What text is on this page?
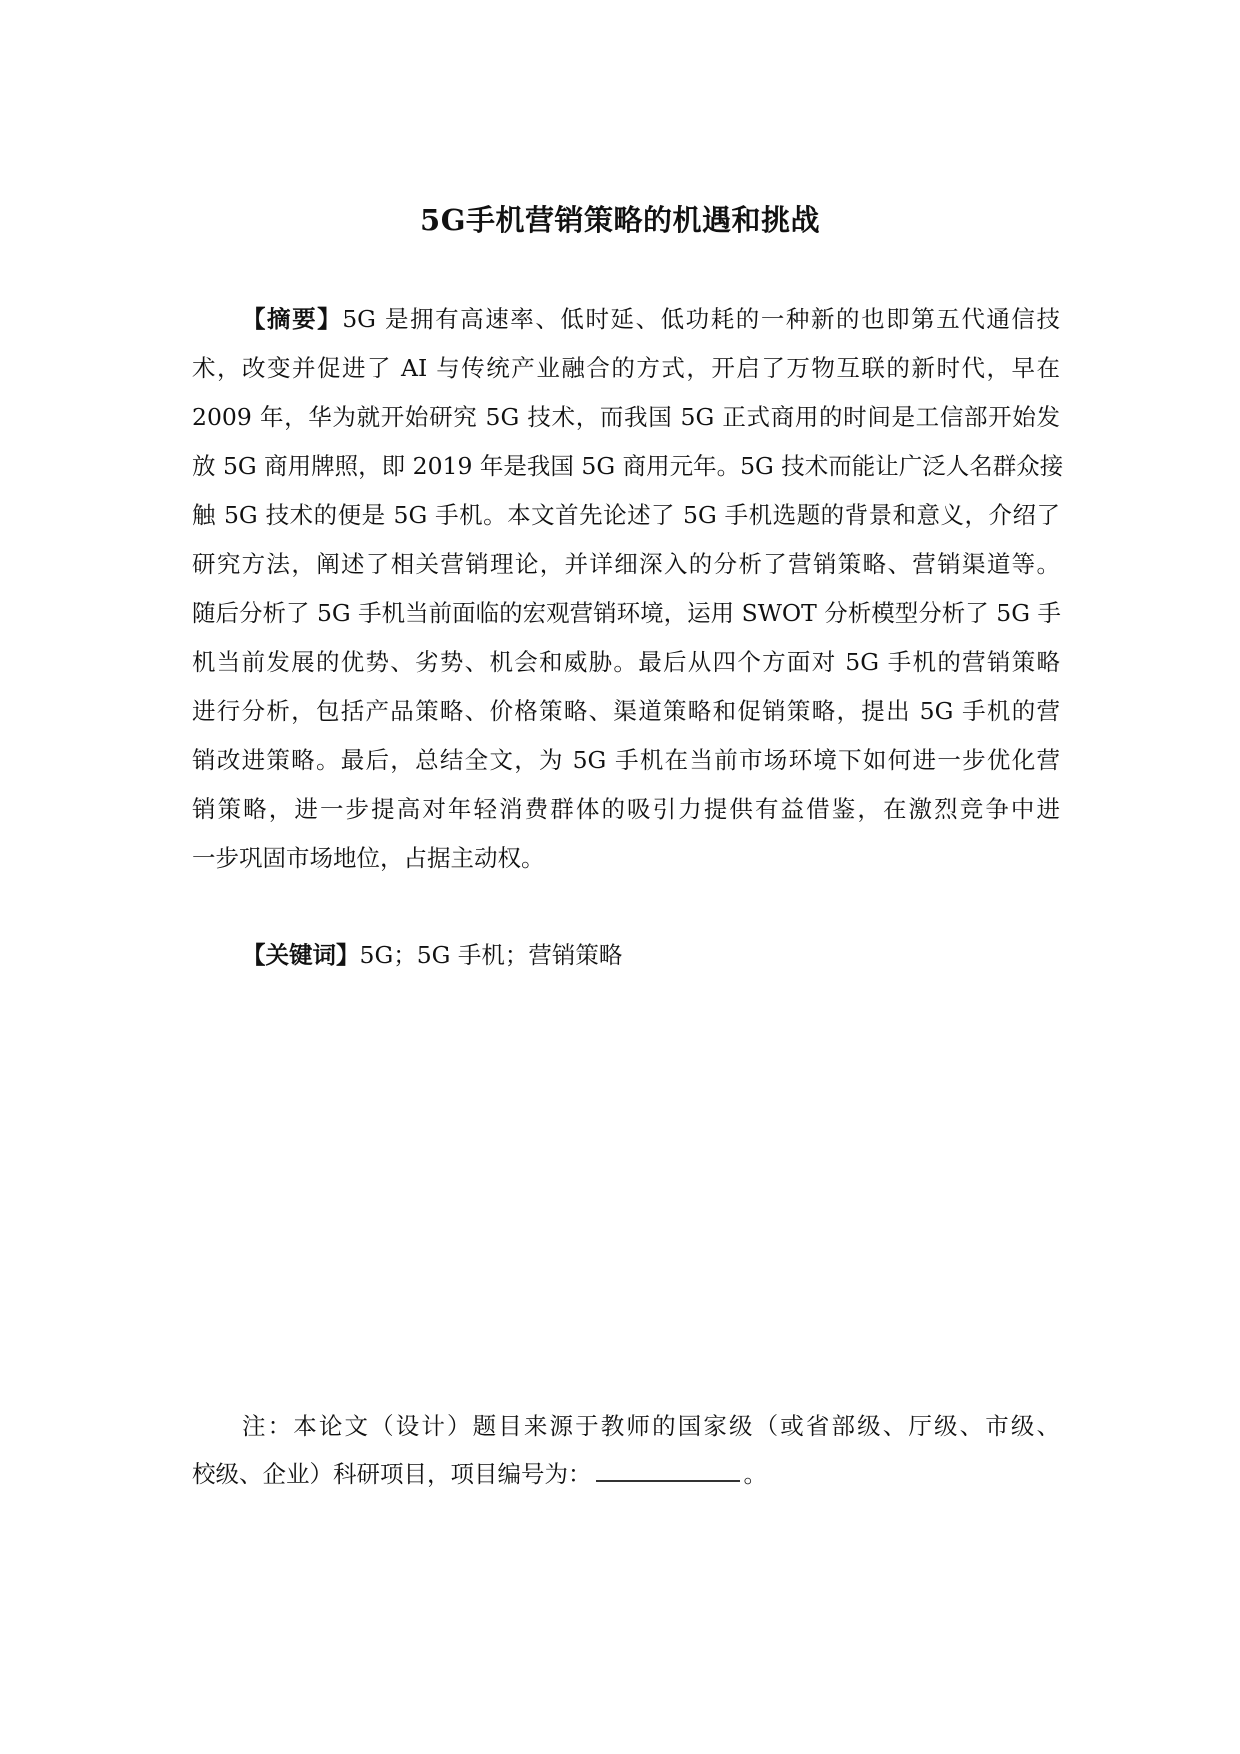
5G手机营销策略的机遇和挑战
【摘要】5G 是拥有高速率、低时延、低功耗的一种新的也即第五代通信技
术，改变并促进了 AI 与传统产业融合的方式，开启了万物互联的新时代，早在
2009 年，华为就开始研究 5G 技术，而我国 5G 正式商用的时间是工信部开始发
放 5G 商用牌照，即 2019 年是我国 5G 商用元年。5G 技术而能让广泛人名群众接
触 5G 技术的便是 5G 手机。本文首先论述了 5G 手机选题的背景和意义，介绍了
研究方法，阐述了相关营销理论，并详细深入的分析了营销策略、营销渠道等。
随后分析了 5G 手机当前面临的宏观营销环境，运用 SWOT 分析模型分析了 5G 手
机当前发展的优势、劣势、机会和威胁。最后从四个方面对 5G 手机的营销策略
进行分析，包括产品策略、价格策略、渠道策略和促销策略，提出 5G 手机的营
销改进策略。最后，总结全文，为 5G 手机在当前市场环境下如何进一步优化营
销策略，进一步提高对年轻消费群体的吸引力提供有益借鉴，在激烈竞争中进
一步巩固市场地位，占据主动权。
【关键词】5G；5G 手机；营销策略
注：本论文（设计）题目来源于教师的国家级（或省部级、厅级、市级、
校级、企业）科研项目，项目编号为：	。
